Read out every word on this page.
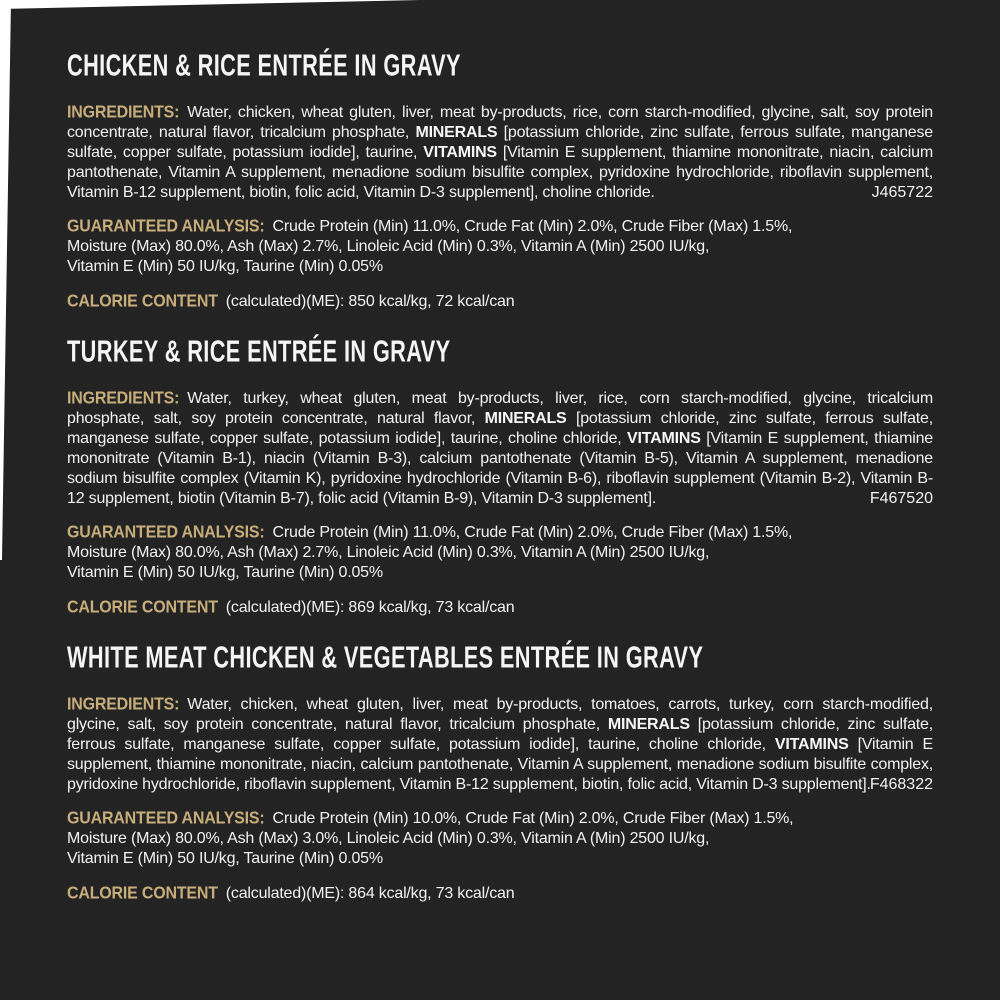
CHICKEN & RICE ENTRÉE IN GRAVY
INGREDIENTS: Water, chicken, wheat gluten, liver, meat by-products, rice, corn starch-modified, glycine, salt, soy protein concentrate, natural flavor, tricalcium phosphate, MINERALS [potassium chloride, zinc sulfate, ferrous sulfate, manganese sulfate, copper sulfate, potassium iodide], taurine, VITAMINS [Vitamin E supplement, thiamine mononitrate, niacin, calcium pantothenate, Vitamin A supplement, menadione sodium bisulfite complex, pyridoxine hydrochloride, riboflavin supplement, Vitamin B-12 supplement, biotin, folic acid, Vitamin D-3 supplement], choline chloride.	J465722
GUARANTEED ANALYSIS: Crude Protein (Min) 11.0%, Crude Fat (Min) 2.0%, Crude Fiber (Max) 1.5%,
Moisture (Max) 80.0%, Ash (Max) 2.7%, Linoleic Acid (Min) 0.3%, Vitamin A (Min) 2500 IU/kg,
Vitamin E (Min) 50 IU/kg, Taurine (Min) 0.05%
CALORIE CONTENT (calculated)(ME): 850 kcal/kg, 72 kcal/can
TURKEY & RICE ENTRÉE IN GRAVY
INGREDIENTS: Water, turkey, wheat gluten, meat by-products, liver, rice, corn starch-modified, glycine, tricalcium phosphate, salt, soy protein concentrate, natural flavor, MINERALS [potassium chloride, zinc sulfate, ferrous sulfate, manganese sulfate, copper sulfate, potassium iodide], taurine, choline chloride, VITAMINS [Vitamin E supplement, thiamine mononitrate (Vitamin B-1), niacin (Vitamin B-3), calcium pantothenate (Vitamin B-5), Vitamin A supplement, menadione sodium bisulfite complex (Vitamin K), pyridoxine hydrochloride (Vitamin B-6), riboflavin supplement (Vitamin B-2), Vitamin B-12 supplement, biotin (Vitamin B-7), folic acid (Vitamin B-9), Vitamin D-3 supplement].	F467520
GUARANTEED ANALYSIS: Crude Protein (Min) 11.0%, Crude Fat (Min) 2.0%, Crude Fiber (Max) 1.5%,
Moisture (Max) 80.0%, Ash (Max) 2.7%, Linoleic Acid (Min) 0.3%, Vitamin A (Min) 2500 IU/kg,
Vitamin E (Min) 50 IU/kg, Taurine (Min) 0.05%
CALORIE CONTENT (calculated)(ME): 869 kcal/kg, 73 kcal/can
WHITE MEAT CHICKEN & VEGETABLES ENTRÉE IN GRAVY
INGREDIENTS: Water, chicken, wheat gluten, liver, meat by-products, tomatoes, carrots, turkey, corn starch-modified, glycine, salt, soy protein concentrate, natural flavor, tricalcium phosphate, MINERALS [potassium chloride, zinc sulfate, ferrous sulfate, manganese sulfate, copper sulfate, potassium iodide], taurine, choline chloride, VITAMINS [Vitamin E supplement, thiamine mononitrate, niacin, calcium pantothenate, Vitamin A supplement, menadione sodium bisulfite complex, pyridoxine hydrochloride, riboflavin supplement, Vitamin B-12 supplement, biotin, folic acid, Vitamin D-3 supplement]. F468322
GUARANTEED ANALYSIS: Crude Protein (Min) 10.0%, Crude Fat (Min) 2.0%, Crude Fiber (Max) 1.5%,
Moisture (Max) 80.0%, Ash (Max) 3.0%, Linoleic Acid (Min) 0.3%, Vitamin A (Min) 2500 IU/kg,
Vitamin E (Min) 50 IU/kg, Taurine (Min) 0.05%
CALORIE CONTENT (calculated)(ME): 864 kcal/kg, 73 kcal/can
